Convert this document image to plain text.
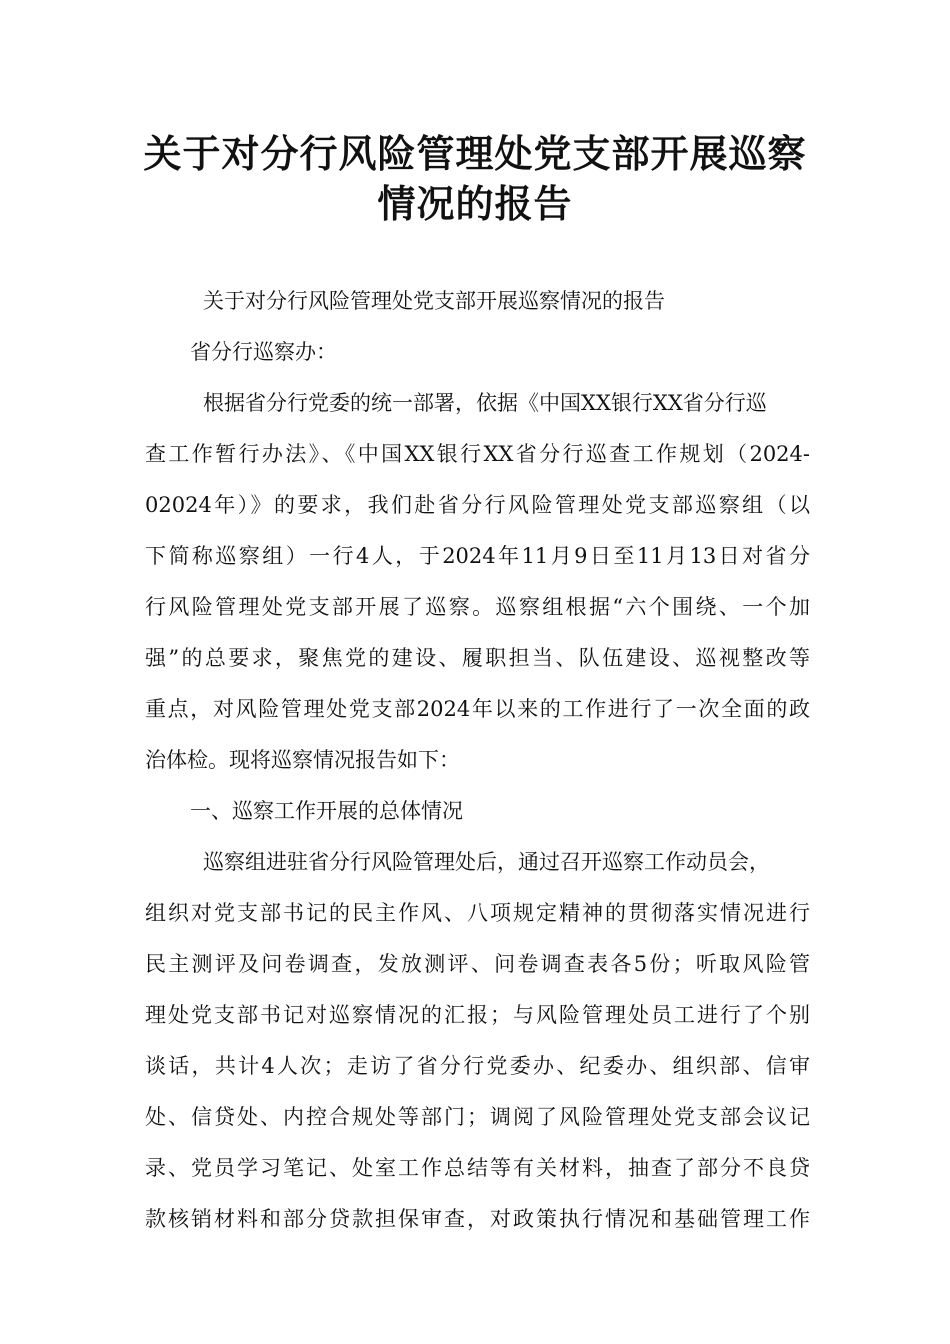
关于对分行风险管理处党支部开展巡察
情况的报告

关于对分行风险管理处党支部开展巡察情况的报告

省分行巡察办：

根据省分行党委的统一部署，依据《中国XX银行XX省分行巡

查工作暂行办法》、《中国XX银行XX省分行巡查工作规划（2024-

02024年）》的要求，我们赴省分行风险管理处党支部巡察组（以

下简称巡察组）一行4人，于2024年11月9日至11月13日对省分

行风险管理处党支部开展了巡察。巡察组根据“六个围绕、一个加

强”的总要求，聚焦党的建设、履职担当、队伍建设、巡视整改等

重点，对风险管理处党支部2024年以来的工作进行了一次全面的政

治体检。现将巡察情况报告如下：

一、巡察工作开展的总体情况

巡察组进驻省分行风险管理处后，通过召开巡察工作动员会，

组织对党支部书记的民主作风、八项规定精神的贯彻落实情况进行

民主测评及问卷调查，发放测评、问卷调查表各5份；听取风险管

理处党支部书记对巡察情况的汇报；与风险管理处员工进行了个别

谈话，共计4人次；走访了省分行党委办、纪委办、组织部、信审

处、信贷处、内控合规处等部门；调阅了风险管理处党支部会议记

录、党员学习笔记、处室工作总结等有关材料，抽查了部分不良贷

款核销材料和部分贷款担保审查，对政策执行情况和基础管理工作
